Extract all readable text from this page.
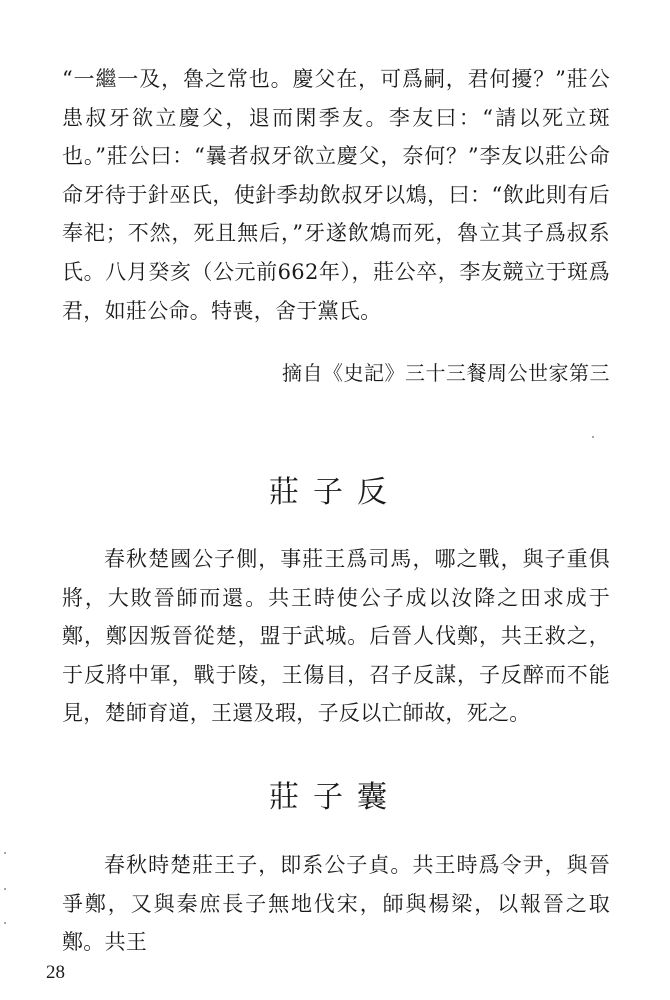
“一繼一及，魯之常也。慶父在，可爲嗣，君何擾？”莊公患叔牙欲立慶父，退而閑季友。李友曰：“請以死立斑也。”莊公曰：“曩者叔牙欲立慶父，奈何？”李友以莊公命命牙待于針巫氏，使針季劫飲叔牙以鴆，曰：“飲此則有后奉祀；不然，死且無后，”牙遂飲鴆而死，魯立其子爲叔系氏。八月癸亥（公元前662年），莊公卒，李友競立于斑爲君，如莊公命。特喪，舍于黨氏。

摘自《史記》三十三餐周公世家第三

莊子反

春秋楚國公子側，事莊王爲司馬，哪之戰，與子重俱將，大敗晉師而還。共王時使公子成以汝降之田求成于鄭，鄭因叛晉從楚，盟于武城。后晉人伐鄭，共王救之，于反將中軍，戰于陵，王傷目，召子反謀，子反醉而不能見，楚師育道，王還及瑕，子反以亡師故，死之。

莊子囊

春秋時楚莊王子，即系公子貞。共王時爲令尹，與晉爭鄭，又與秦庶長子無地伐宋，師與楊梁，以報晉之取鄭。共王

28
